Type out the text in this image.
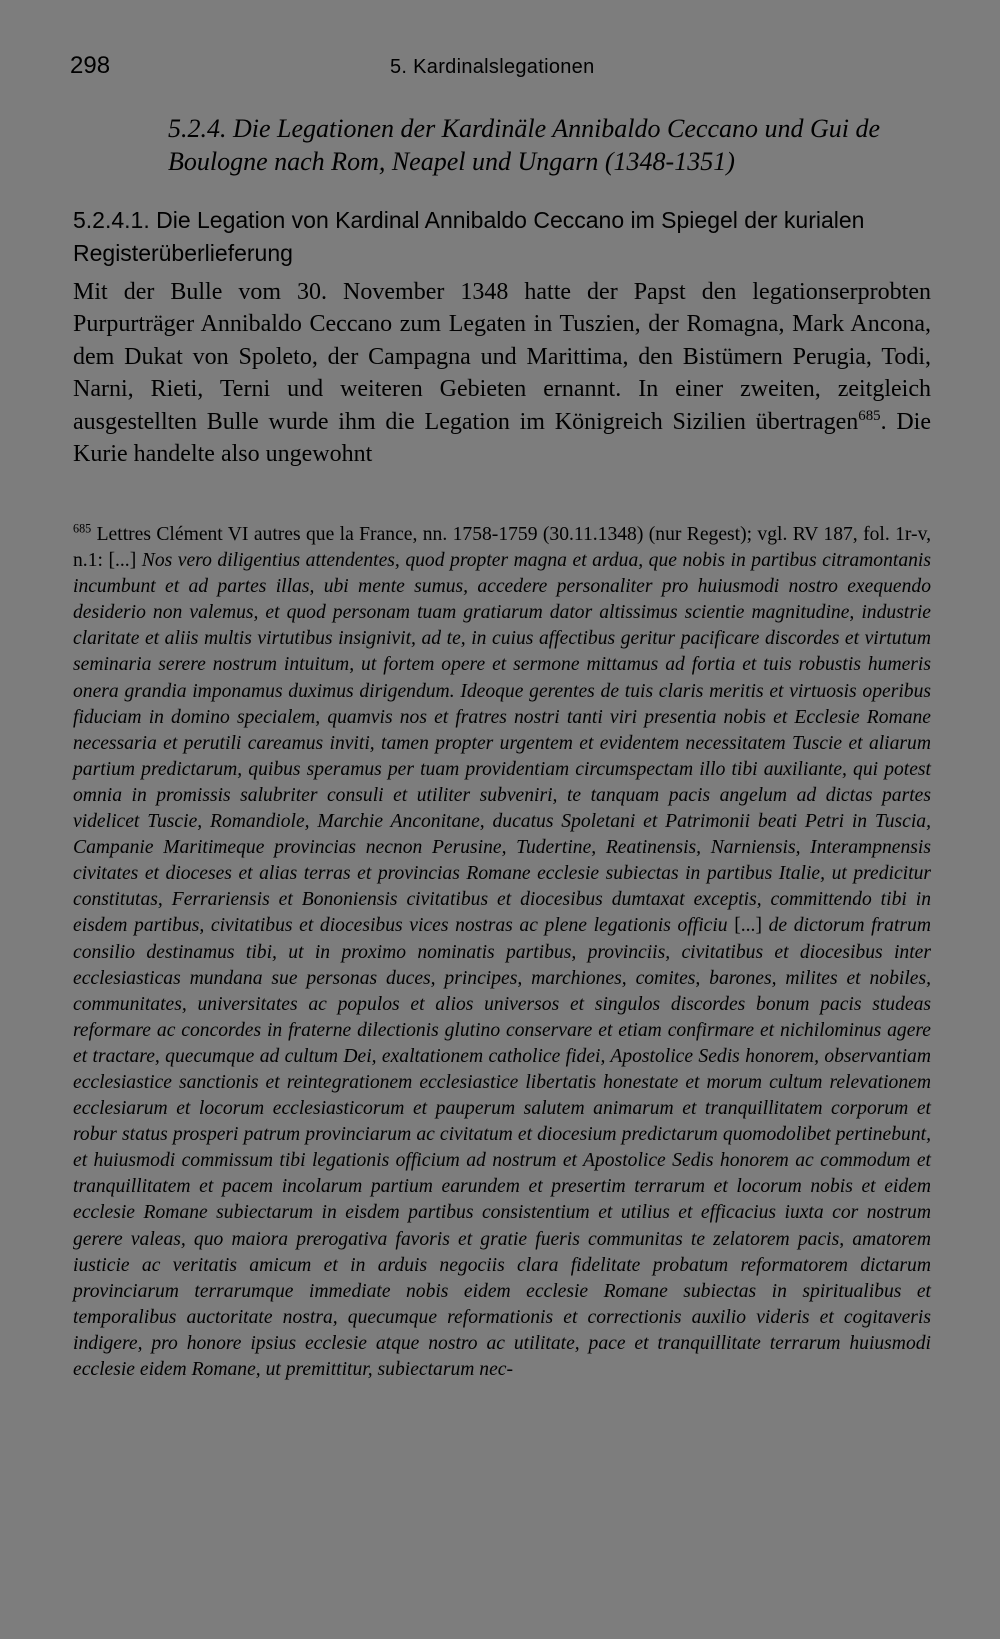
298	5. Kardinalslegationen
5.2.4. Die Legationen der Kardinäle Annibaldo Ceccano und Gui de Boulogne nach Rom, Neapel und Ungarn (1348-1351)
5.2.4.1. Die Legation von Kardinal Annibaldo Ceccano im Spiegel der kurialen Registerüberlieferung
Mit der Bulle vom 30. November 1348 hatte der Papst den legationserprobten Purpurträger Annibaldo Ceccano zum Legaten in Tuszien, der Romagna, Mark Ancona, dem Dukat von Spoleto, der Campagna und Marittima, den Bistümern Perugia, Todi, Narni, Rieti, Terni und weiteren Gebieten ernannt. In einer zweiten, zeitgleich ausgestellten Bulle wurde ihm die Legation im Königreich Sizilien übertragen$^{685}$. Die Kurie handelte also ungewohnt
$^{685}$ Lettres Clément VI autres que la France, nn. 1758-1759 (30.11.1348) (nur Regest); vgl. RV 187, fol. 1r-v, n.1: [...] Nos vero diligentius attendentes, quod propter magna et ardua, que nobis in partibus citramontanis incumbunt et ad partes illas, ubi mente sumus, accedere personaliter pro huiusmodi nostro exequendo desiderio non valemus, et quod personam tuam gratiarum dator altissimus scientie magnitudine, industrie claritate et aliis multis virtutibus insignivit, ad te, in cuius affectibus geritur pacificare discordes et virtutum seminaria serere nostrum intuitum, ut fortem opere et sermone mittamus ad fortia et tuis robustis humeris onera grandia imponamus duximus dirigendum. Ideoque gerentes de tuis claris meritis et virtuosis operibus fiduciam in domino specialem, quamvis nos et fratres nostri tanti viri presentia nobis et Ecclesie Romane necessaria et perutili careamus inviti, tamen propter urgentem et evidentem necessitatem Tuscie et aliarum partium predictarum, quibus speramus per tuam providentiam circumspectam illo tibi auxiliante, qui potest omnia in promissis salubriter consuli et utiliter subveniri, te tanquam pacis angelum ad dictas partes videlicet Tuscie, Romandiole, Marchie Anconitane, ducatus Spoletani et Patrimonii beati Petri in Tuscia, Campanie Maritimeque provincias necnon Perusine, Tudertine, Reatinensis, Narniensis, Interampnensis civitates et dioceses et alias terras et provincias Romane ecclesie subiectas in partibus Italie, ut predicitur constitutas, Ferrariensis et Bononiensis civitatibus et diocesibus dumtaxat exceptis, committendo tibi in eisdem partibus, civitatibus et diocesibus vices nostras ac plene legationis officiu [...] de dictorum fratrum consilio destinamus tibi, ut in proximo nominatis partibus, provinciis, civitatibus et diocesibus inter ecclesiasticas mundana sue personas duces, principes, marchiones, comites, barones, milites et nobiles, communitates, universitates ac populos et alios universos et singulos discordes bonum pacis studeas reformare ac concordes in fraterne dilectionis glutino conservare et etiam confirmare et nichilominus agere et tractare, quecumque ad cultum Dei, exaltationem catholice fidei, Apostolice Sedis honorem, observantiam ecclesiastice sanctionis et reintegrationem ecclesiastice libertatis honestate et morum cultum relevationem ecclesiarum et locorum ecclesiasticorum et pauperum salutem animarum et tranquillitatem corporum et robur status prosperi patrum provinciarum ac civitatum et diocesium predictarum quomodolibet pertinebunt, et huiusmodi commissum tibi legationis officium ad nostrum et Apostolice Sedis honorem ac commodum et tranquillitatem et pacem incolarum partium earundem et presertim terrarum et locorum nobis et eidem ecclesie Romane subiectarum in eisdem partibus consistentium et utilius et efficacius iuxta cor nostrum gerere valeas, quo maiora prerogativa favoris et gratie fueris communitas te zelatorem pacis, amatorem iusticie ac veritatis amicum et in arduis negociis clara fidelitate probatum reformatorem dictarum provinciarum terrarumque immediate nobis eidem ecclesie Romane subiectas in spiritualibus et temporalibus auctoritate nostra, quecumque reformationis et correctionis auxilio videris et cogitaveris indigere, pro honore ipsius ecclesie atque nostro ac utilitate, pace et tranquillitate terrarum huiusmodi ecclesie eidem Romane, ut premittitur, subiectarum nec-
